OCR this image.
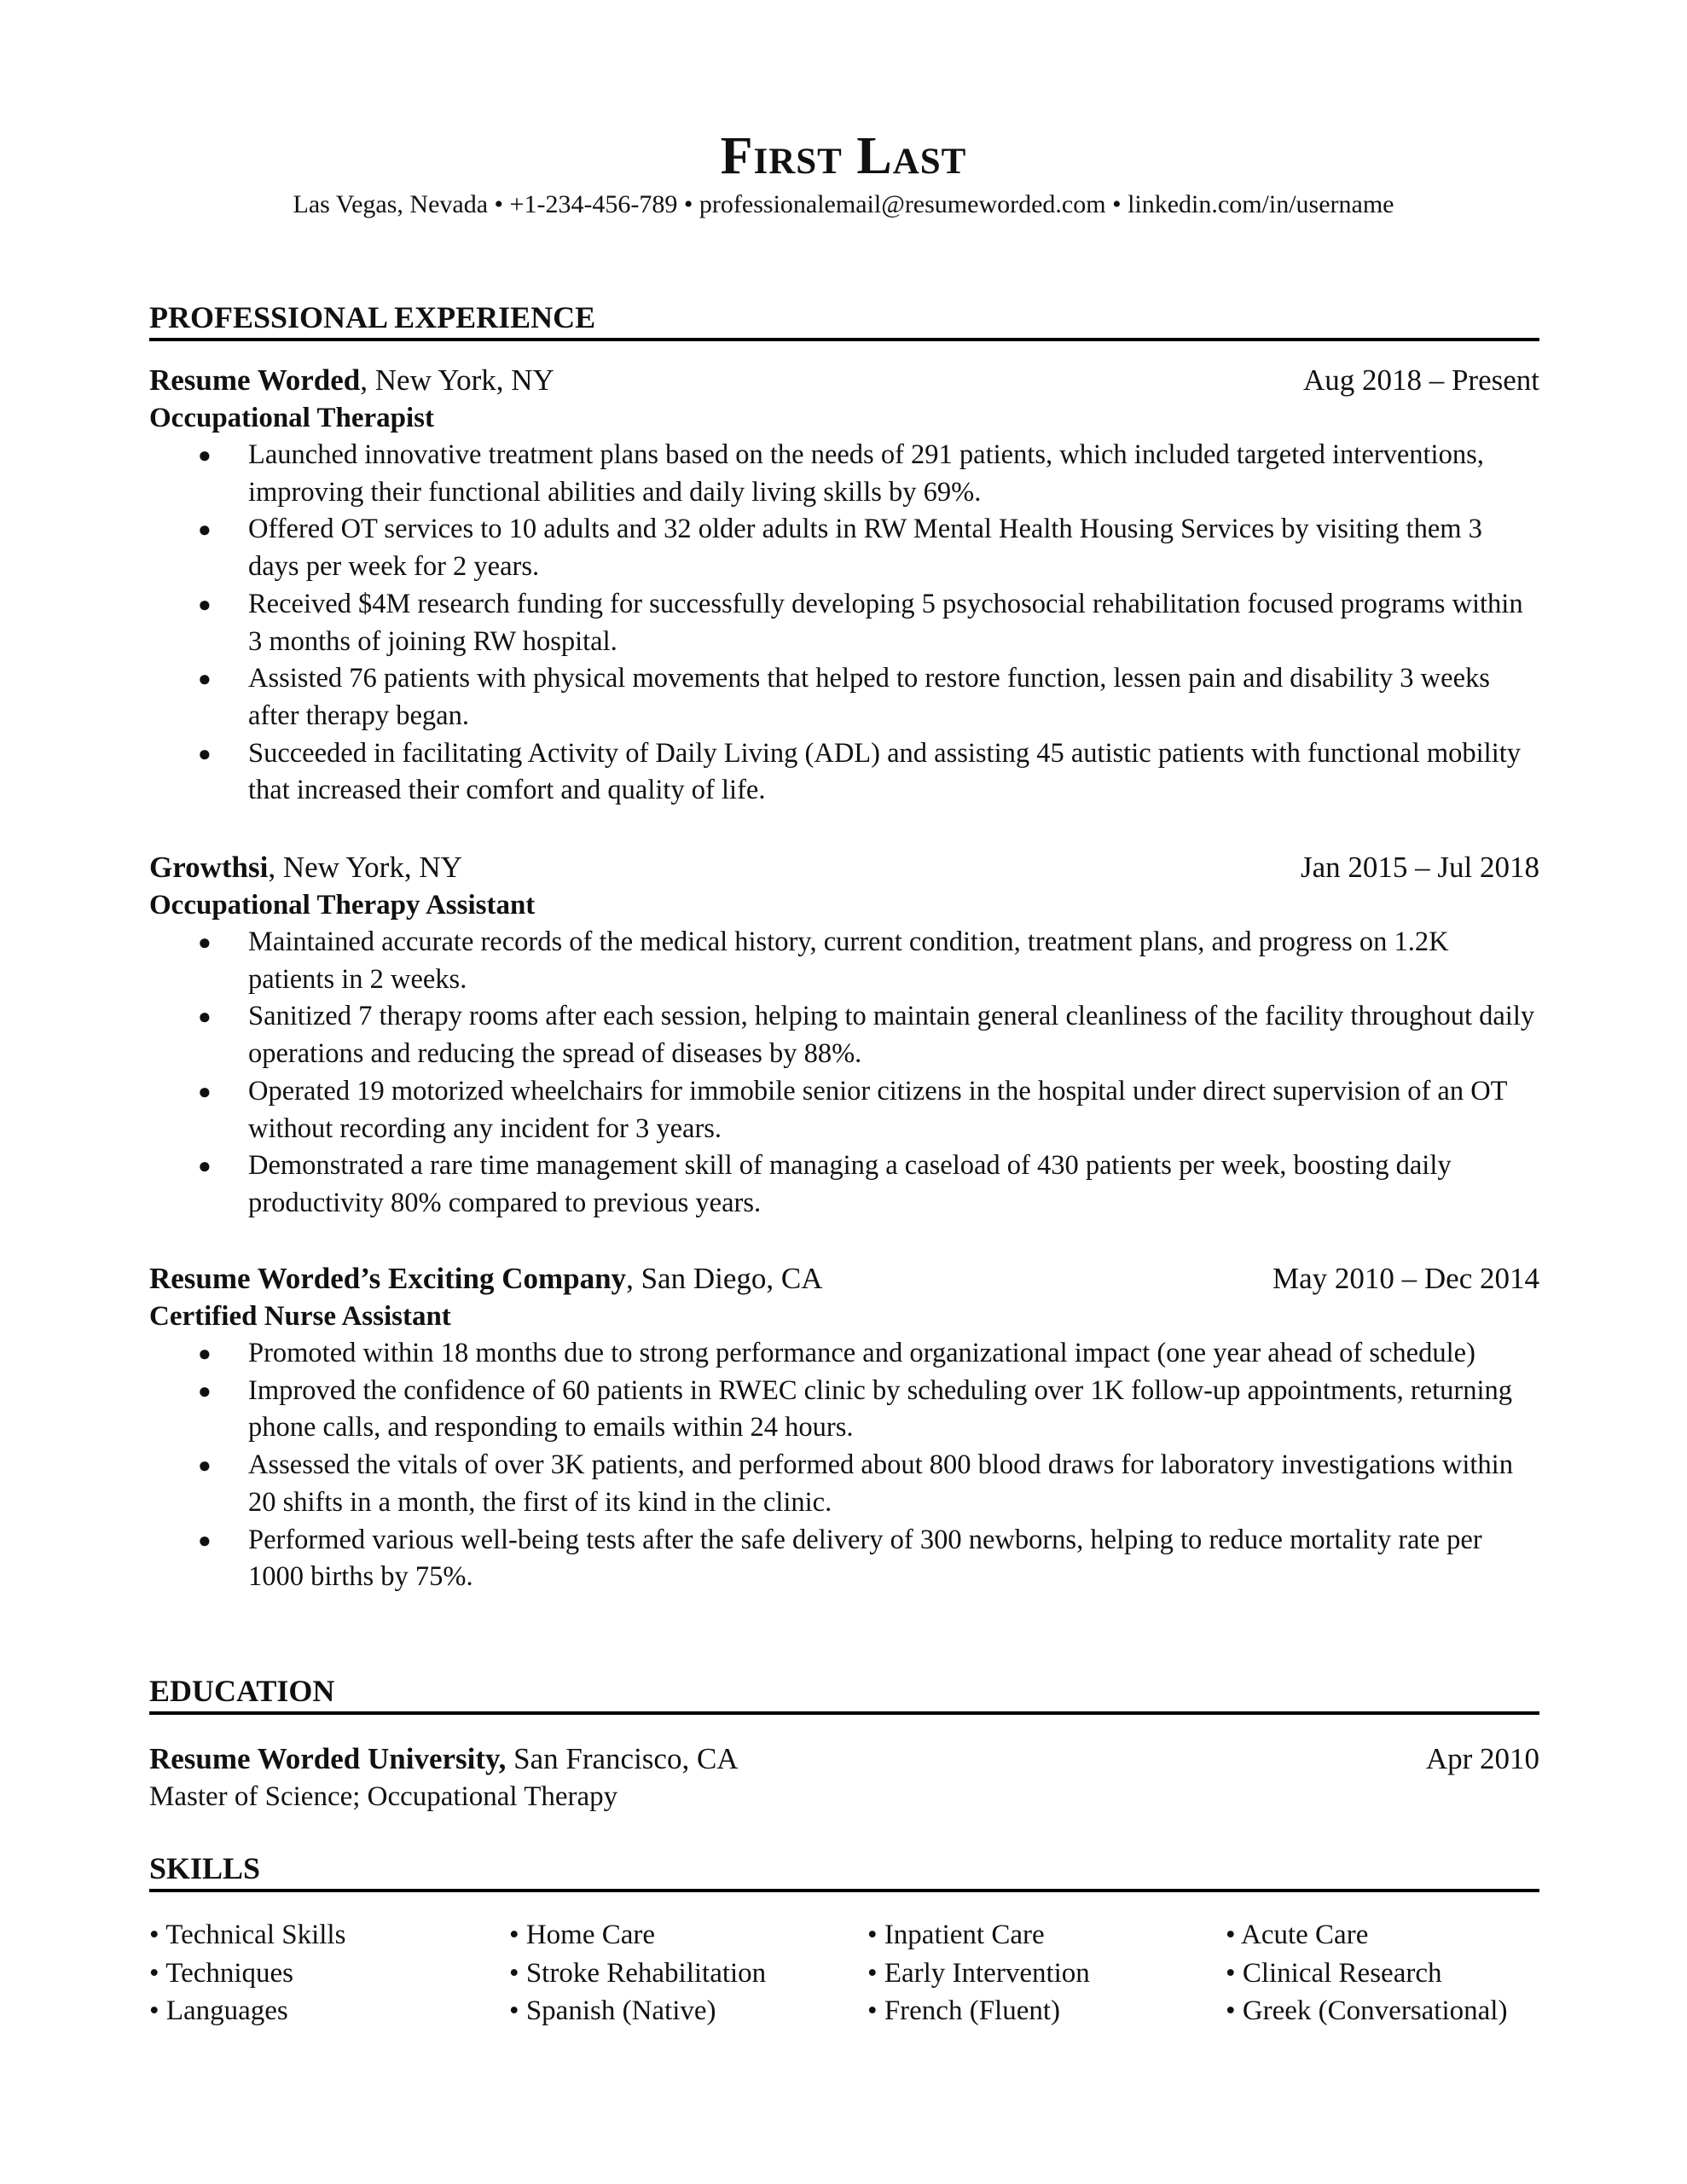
First Last
Las Vegas, Nevada • +1-234-456-789 • professionalemail@resumeworded.com • linkedin.com/in/username
PROFESSIONAL EXPERIENCE
Resume Worded, New York, NY	Aug 2018 – Present
Occupational Therapist
● Launched innovative treatment plans based on the needs of 291 patients, which included targeted interventions, improving their functional abilities and daily living skills by 69%.
● Offered OT services to 10 adults and 32 older adults in RW Mental Health Housing Services by visiting them 3 days per week for 2 years.
● Received $4M research funding for successfully developing 5 psychosocial rehabilitation focused programs within 3 months of joining RW hospital.
● Assisted 76 patients with physical movements that helped to restore function, lessen pain and disability 3 weeks after therapy began.
● Succeeded in facilitating Activity of Daily Living (ADL) and assisting 45 autistic patients with functional mobility that increased their comfort and quality of life.
Growthsi, New York, NY	Jan 2015 – Jul 2018
Occupational Therapy Assistant
● Maintained accurate records of the medical history, current condition, treatment plans, and progress on 1.2K patients in 2 weeks.
● Sanitized 7 therapy rooms after each session, helping to maintain general cleanliness of the facility throughout daily operations and reducing the spread of diseases by 88%.
● Operated 19 motorized wheelchairs for immobile senior citizens in the hospital under direct supervision of an OT without recording any incident for 3 years.
● Demonstrated a rare time management skill of managing a caseload of 430 patients per week, boosting daily productivity 80% compared to previous years.
Resume Worded’s Exciting Company, San Diego, CA	May 2010 – Dec 2014
Certified Nurse Assistant
● Promoted within 18 months due to strong performance and organizational impact (one year ahead of schedule)
● Improved the confidence of 60 patients in RWEC clinic by scheduling over 1K follow-up appointments, returning phone calls, and responding to emails within 24 hours.
● Assessed the vitals of over 3K patients, and performed about 800 blood draws for laboratory investigations within 20 shifts in a month, the first of its kind in the clinic.
● Performed various well-being tests after the safe delivery of 300 newborns, helping to reduce mortality rate per 1000 births by 75%.
EDUCATION
Resume Worded University, San Francisco, CA	Apr 2010
Master of Science; Occupational Therapy
SKILLS
• Technical Skills	• Home Care	• Inpatient Care	• Acute Care
• Techniques	• Stroke Rehabilitation	• Early Intervention	• Clinical Research
• Languages	• Spanish (Native)	• French (Fluent)	• Greek (Conversational)
